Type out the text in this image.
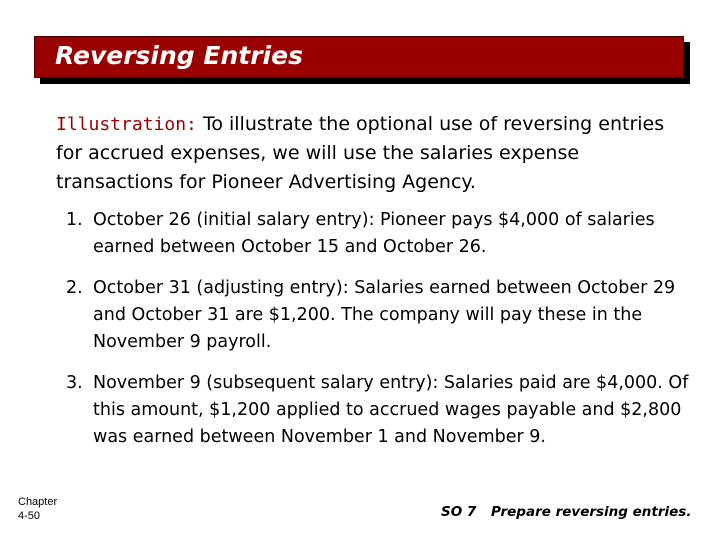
Reversing Entries
Illustration: To illustrate the optional use of reversing entries for accrued expenses, we will use the salaries expense transactions for Pioneer Advertising Agency.
1. October 26 (initial salary entry): Pioneer pays $4,000 of salaries earned between October 15 and October 26.
2. October 31 (adjusting entry): Salaries earned between October 29 and October 31 are $1,200. The company will pay these in the November 9 payroll.
3. November 9 (subsequent salary entry): Salaries paid are $4,000. Of this amount, $1,200 applied to accrued wages payable and $2,800 was earned between November 1 and November 9.
Chapter
4-50	SO 7 Prepare reversing entries.
